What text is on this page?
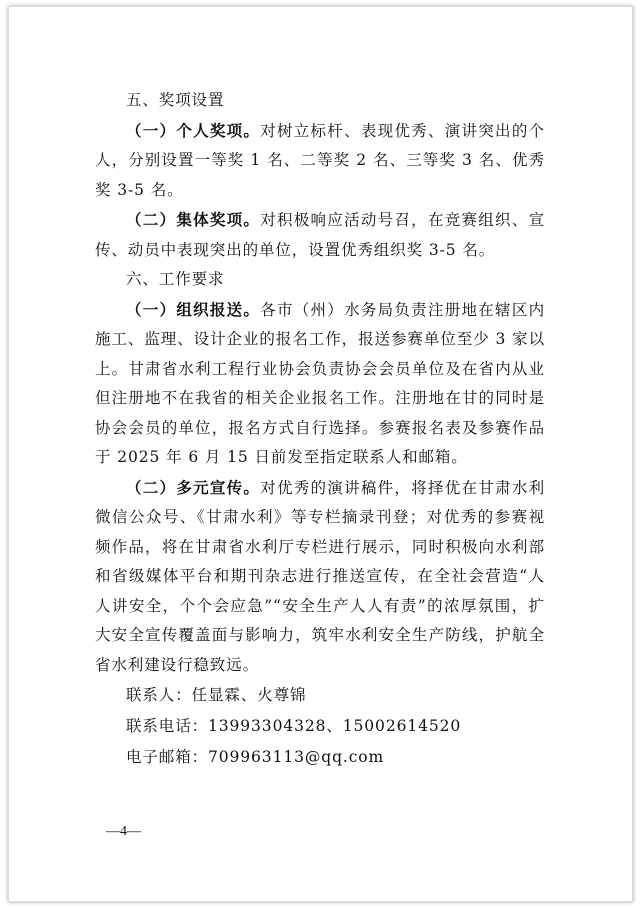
五、奖项设置
（一）个人奖项。对树立标杆、表现优秀、演讲突出的个人，分别设置一等奖 1 名、二等奖 2 名、三等奖 3 名、优秀奖 3-5 名。
（二）集体奖项。对积极响应活动号召，在竞赛组织、宣传、动员中表现突出的单位，设置优秀组织奖 3-5 名。
六、工作要求
（一）组织报送。各市（州）水务局负责注册地在辖区内施工、监理、设计企业的报名工作，报送参赛单位至少 3 家以上。甘肃省水利工程行业协会负责协会会员单位及在省内从业但注册地不在我省的相关企业报名工作。注册地在甘的同时是协会会员的单位，报名方式自行选择。参赛报名表及参赛作品于 2025 年 6 月 15 日前发至指定联系人和邮箱。
（二）多元宣传。对优秀的演讲稿件，将择优在甘肃水利微信公众号、《甘肃水利》等专栏摘录刊登；对优秀的参赛视频作品，将在甘肃省水利厅专栏进行展示，同时积极向水利部和省级媒体平台和期刊杂志进行推送宣传，在全社会营造“人人讲安全，个个会应急”“安全生产人人有责”的浓厚氛围，扩大安全宣传覆盖面与影响力，筑牢水利安全生产防线，护航全省水利建设行稳致远。
联系人：任显霖、火尊锦
联系电话：13993304328、15002614520
电子邮箱：709963113@qq.com
—4—
